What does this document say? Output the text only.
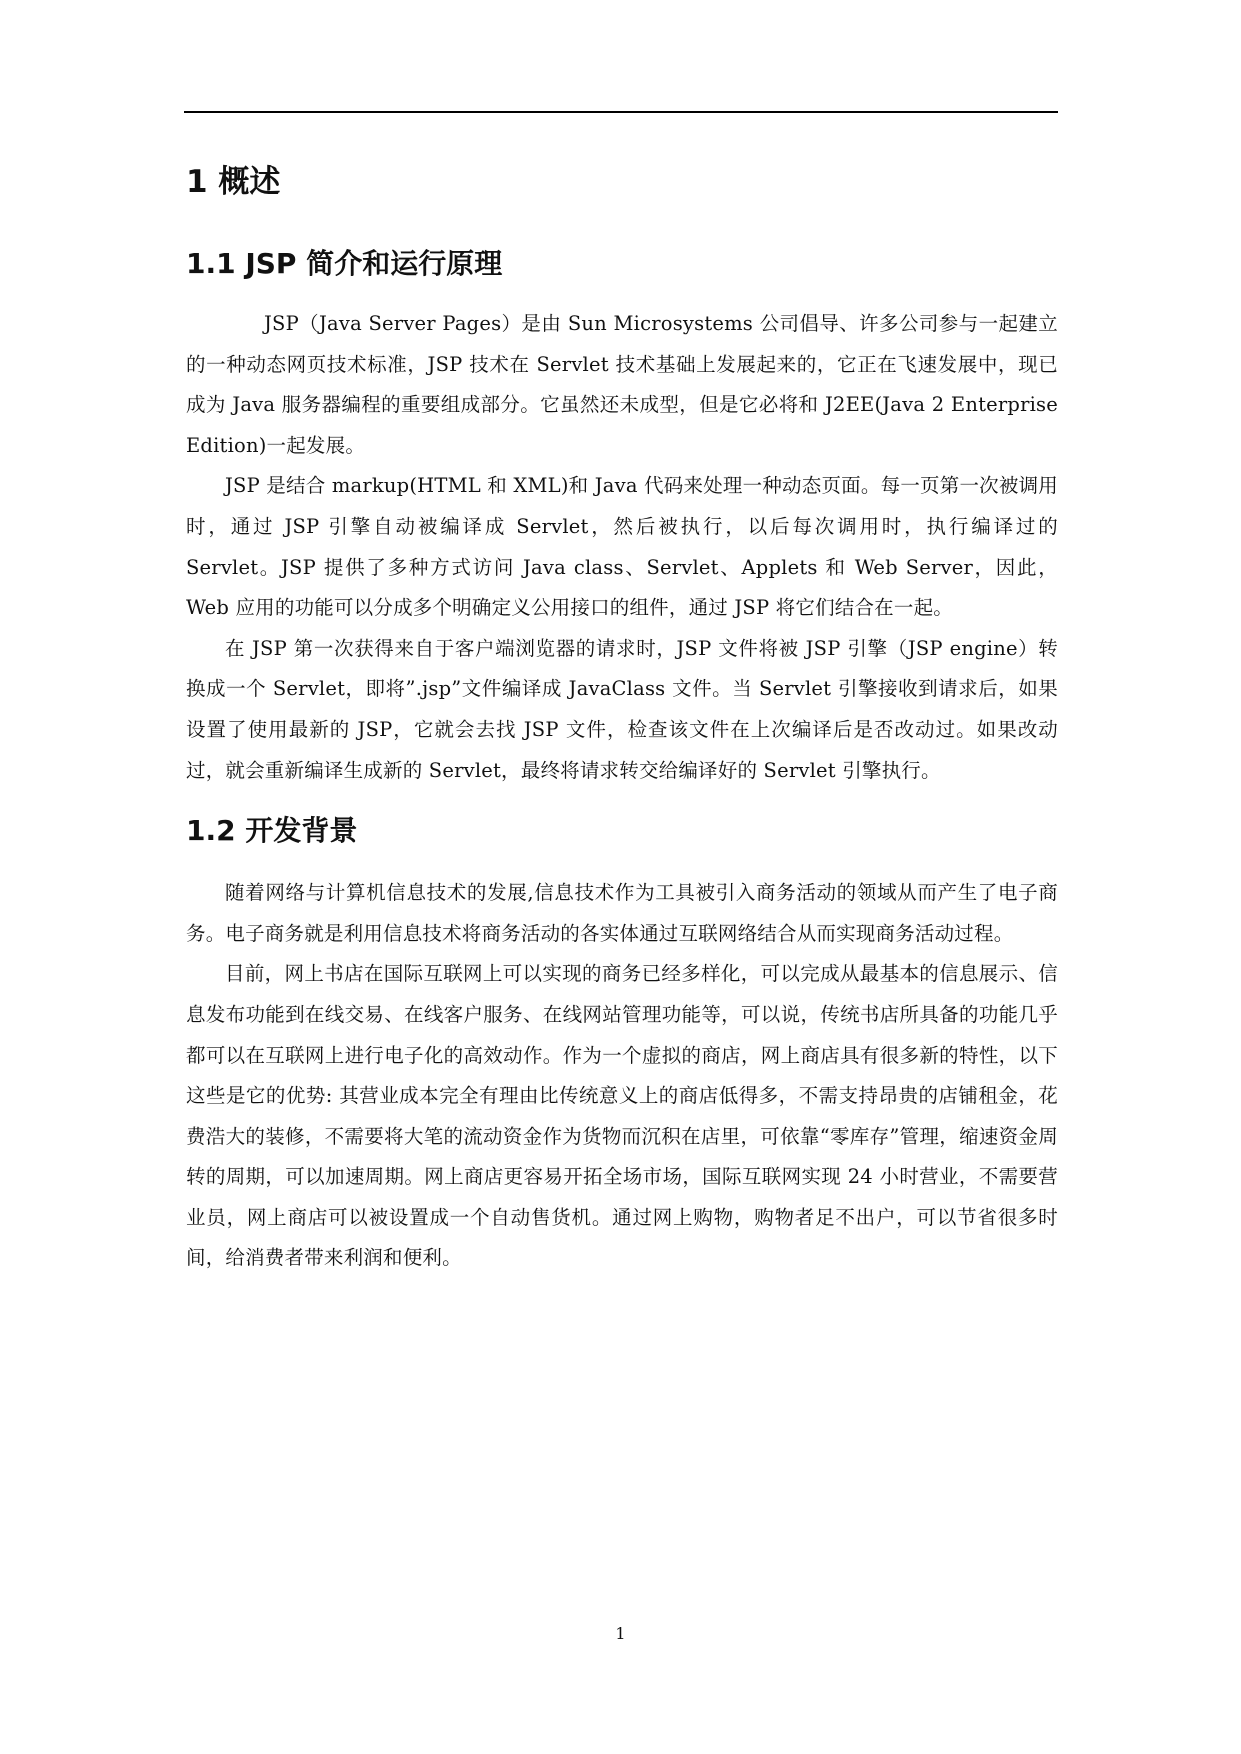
1 概述
1.1 JSP 简介和运行原理

JSP（Java Server Pages）是由 Sun Microsystems 公司倡导、许多公司参与一起建立的一种动态网页技术标准，JSP 技术在 Servlet 技术基础上发展起来的，它正在飞速发展中，现已成为 Java 服务器编程的重要组成部分。它虽然还未成型，但是它必将和 J2EE(Java 2 Enterprise Edition)一起发展。

JSP 是结合 markup(HTML 和 XML)和 Java 代码来处理一种动态页面。每一页第一次被调用时，通过 JSP 引擎自动被编译成 Servlet，然后被执行，以后每次调用时，执行编译过的 Servlet。JSP 提供了多种方式访问 Java class、Servlet、Applets 和 Web Server，因此，Web 应用的功能可以分成多个明确定义公用接口的组件，通过 JSP 将它们结合在一起。

在 JSP 第一次获得来自于客户端浏览器的请求时，JSP 文件将被 JSP 引擎（JSP engine）转换成一个 Servlet，即将”.jsp”文件编译成 JavaClass 文件。当 Servlet 引擎接收到请求后，如果设置了使用最新的 JSP，它就会去找 JSP 文件，检查该文件在上次编译后是否改动过。如果改动过，就会重新编译生成新的 Servlet，最终将请求转交给编译好的 Servlet 引擎执行。

1.2 开发背景

随着网络与计算机信息技术的发展,信息技术作为工具被引入商务活动的领域从而产生了电子商务。电子商务就是利用信息技术将商务活动的各实体通过互联网络结合从而实现商务活动过程。

目前，网上书店在国际互联网上可以实现的商务已经多样化，可以完成从最基本的信息展示、信息发布功能到在线交易、在线客户服务、在线网站管理功能等，可以说，传统书店所具备的功能几乎都可以在互联网上进行电子化的高效动作。作为一个虚拟的商店，网上商店具有很多新的特性，以下这些是它的优势: 其营业成本完全有理由比传统意义上的商店低得多，不需支持昂贵的店铺租金，花费浩大的装修，不需要将大笔的流动资金作为货物而沉积在店里，可依靠“零库存”管理，缩速资金周转的周期，可以加速周期。网上商店更容易开拓全场市场，国际互联网实现 24 小时营业，不需要营业员，网上商店可以被设置成一个自动售货机。通过网上购物，购物者足不出户，可以节省很多时间，给消费者带来利润和便利。

1
